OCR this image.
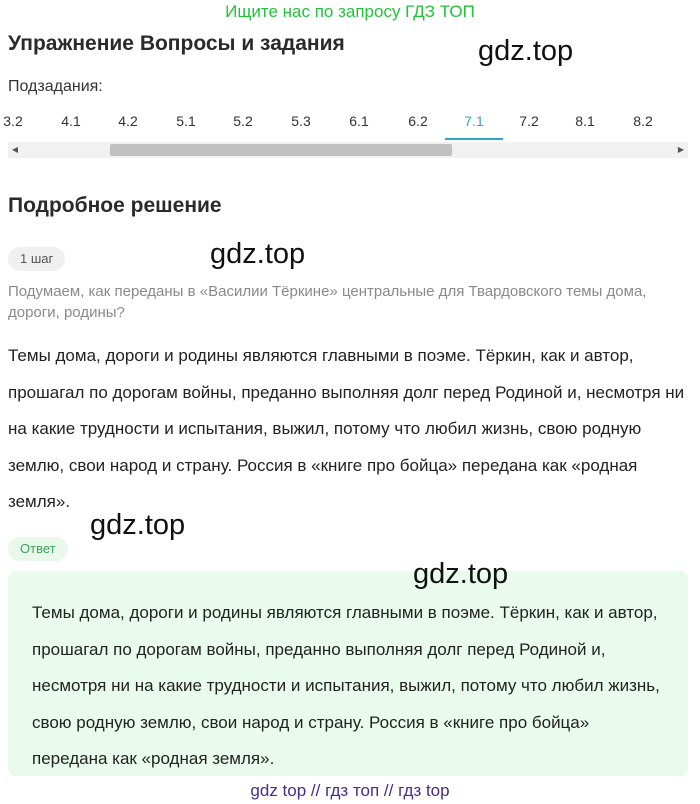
Ищите нас по запросу ГДЗ ТОП
Упражнение Вопросы и задания	gdz.top
Подзадания:
3.2	4.1	4.2	5.1	5.2	5.3	6.1	6.2	7.1	7.2	8.1	8.2
◀	▶
Подробное решение
1 шаг	gdz.top

Подумаем, как переданы в «Василии Тёркине» центральные для Твардовского темы дома, дороги, родины?

Темы дома, дороги и родины являются главными в поэме. Тёркин, как и автор, прошагал по дорогам войны, преданно выполняя долг перед Родиной и, несмотря ни на какие трудности и испытания, выжил, потому что любил жизнь, свою родную землю, свои народ и страну. Россия в «книге про бойца» передана как «родная земля».

gdz.top
Ответ

Темы дома, дороги и родины являются главными в поэме. Тёркин, как и автор, прошагал по дорогам войны, преданно выполняя долг перед Родиной и, несмотря ни на какие трудности и испытания, выжил, потому что любил жизнь, свою родную землю, свои народ и страну. Россия в «книге про бойца» передана как «родная земля».

gdz.top
gdz top // гдз топ // гдз top
